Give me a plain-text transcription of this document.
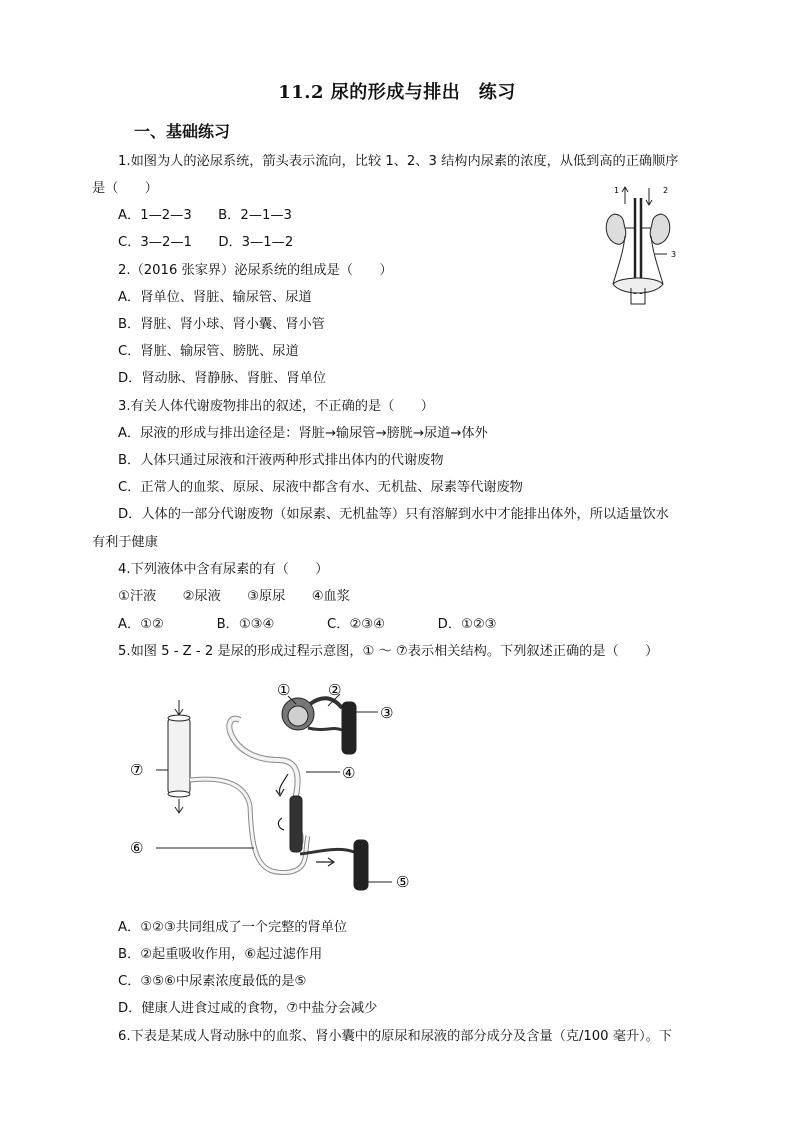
11.2 尿的形成与排出　练习
一、基础练习
1.如图为人的泌尿系统，箭头表示流向，比较 1、2、3 结构内尿素的浓度，从低到高的正确顺序
是（　　）
A．1—2—3　　B．2—1—3
C．3—2—1　　D．3—1—2
2.（2016 张家界）泌尿系统的组成是（　　）
A．肾单位、肾脏、输尿管、尿道
B．肾脏、肾小球、肾小囊、肾小管
C．肾脏、输尿管、膀胱、尿道
D．肾动脉、肾静脉、肾脏、肾单位
3.有关人体代谢废物排出的叙述，不正确的是（　　）
A．尿液的形成与排出途径是：肾脏→输尿管→膀胱→尿道→体外
B．人体只通过尿液和汗液两种形式排出体内的代谢废物
C．正常人的血浆、原尿、尿液中都含有水、无机盐、尿素等代谢废物
D．人体的一部分代谢废物（如尿素、无机盐等）只有溶解到水中才能排出体外，所以适量饮水
有利于健康
4.下列液体中含有尿素的有（　　）
①汗液　　②尿液　　③原尿　　④血浆
A．①②　　　　B．①③④　　　　C．②③④　　　　D．①②③
5.如图 5 - Z - 2 是尿的形成过程示意图，① ～ ⑦表示相关结构。下列叙述正确的是（　　）
A．①②③共同组成了一个完整的肾单位
B．②起重吸收作用，⑥起过滤作用
C．③⑤⑥中尿素浓度最低的是⑤
D．健康人进食过咸的食物，⑦中盐分会减少
6.下表是某成人肾动脉中的血浆、肾小囊中的原尿和尿液的部分成分及含量（克/100 毫升）。下
1	2
3
①	②
③
④
⑤
⑥
⑦
